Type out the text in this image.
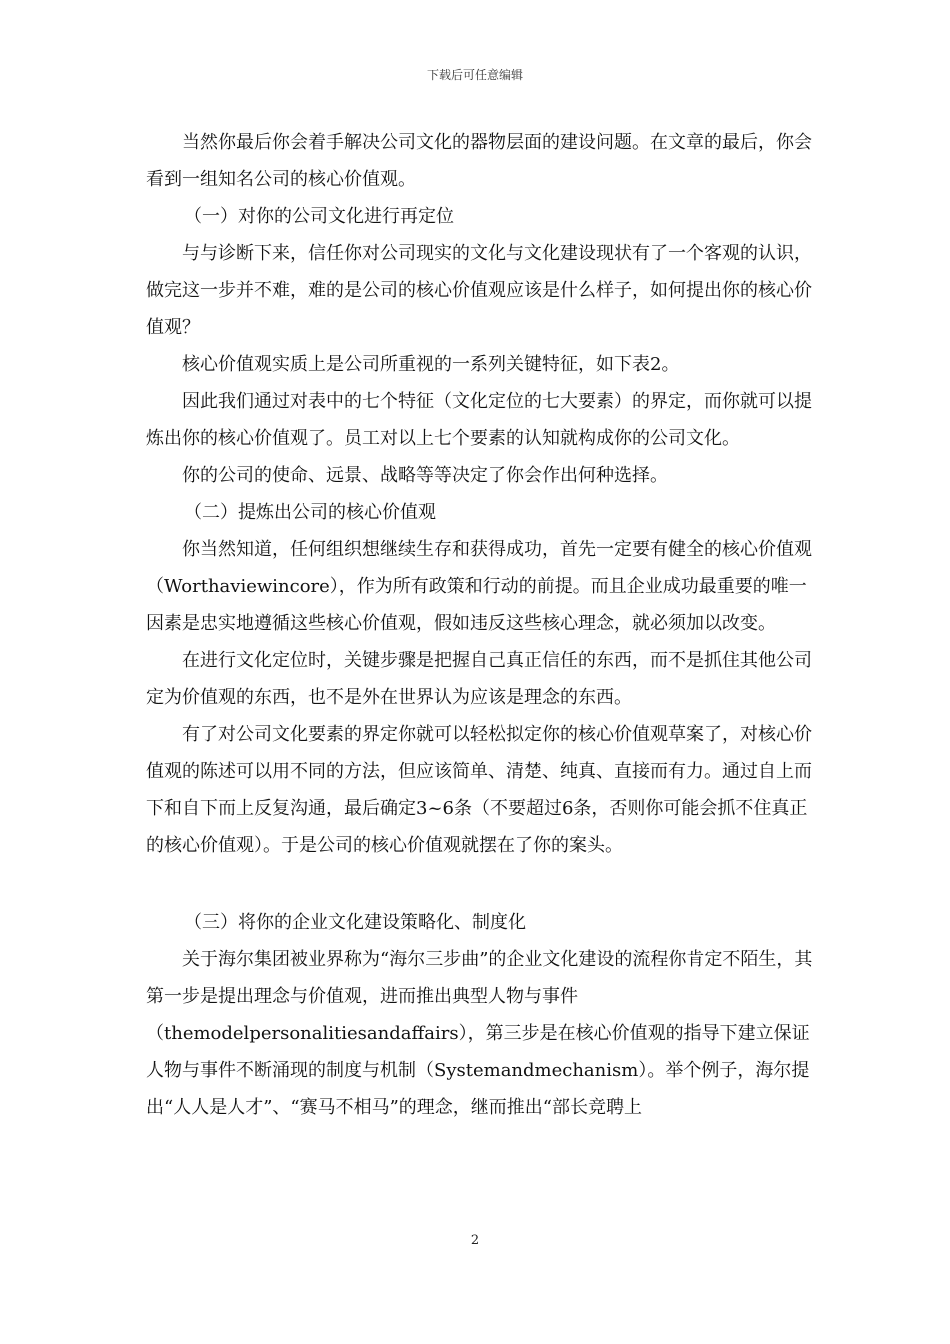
下载后可任意编辑

当然你最后你会着手解决公司文化的器物层面的建设问题。在文章的最后，你会看到一组知名公司的核心价值观。

（一）对你的公司文化进行再定位

与与诊断下来，信任你对公司现实的文化与文化建设现状有了一个客观的认识，做完这一步并不难，难的是公司的核心价值观应该是什么样子，如何提出你的核心价值观？

核心价值观实质上是公司所重视的一系列关键特征，如下表2。

因此我们通过对表中的七个特征（文化定位的七大要素）的界定，而你就可以提炼出你的核心价值观了。员工对以上七个要素的认知就构成你的公司文化。

你的公司的使命、远景、战略等等决定了你会作出何种选择。

（二）提炼出公司的核心价值观

你当然知道，任何组织想继续生存和获得成功，首先一定要有健全的核心价值观（Worthaviewincore），作为所有政策和行动的前提。而且企业成功最重要的唯一因素是忠实地遵循这些核心价值观，假如违反这些核心理念，就必须加以改变。

在进行文化定位时，关键步骤是把握自己真正信任的东西，而不是抓住其他公司定为价值观的东西，也不是外在世界认为应该是理念的东西。

有了对公司文化要素的界定你就可以轻松拟定你的核心价值观草案了，对核心价值观的陈述可以用不同的方法，但应该简单、清楚、纯真、直接而有力。通过自上而下和自下而上反复沟通，最后确定3~6条（不要超过6条，否则你可能会抓不住真正的核心价值观）。于是公司的核心价值观就摆在了你的案头。

（三）将你的企业文化建设策略化、制度化

关于海尔集团被业界称为“海尔三步曲”的企业文化建设的流程你肯定不陌生，其第一步是提出理念与价值观，进而推出典型人物与事件（themodelpersonalitiesandaffairs），第三步是在核心价值观的指导下建立保证人物与事件不断涌现的制度与机制（Systemandmechanism）。举个例子，海尔提出“人人是人才”、“赛马不相马”的理念，继而推出“部长竞聘上

2
